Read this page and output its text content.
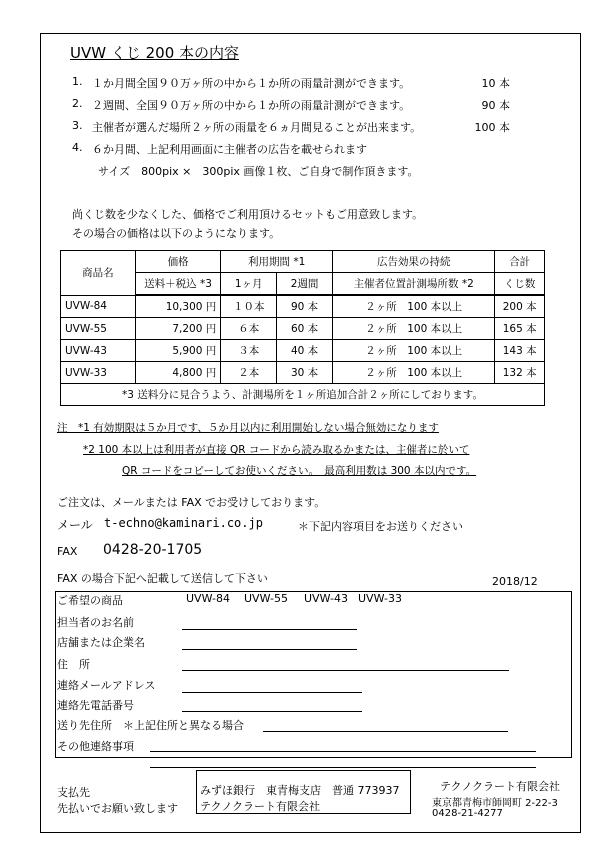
UVW くじ 200 本の内容
1. １か月間全国９０万ヶ所の中から１か所の雨量計測ができます。	10 本
2. ２週間、全国９０万ヶ所の中から１か所の雨量計測ができます。	90 本
3. 主催者が選んだ場所２ヶ所の雨量を６ヵ月間見ることが出来ます。	100 本
4. ６か月間、上記利用画面に主催者の広告を載せられます
サイズ　800pix ×　300pix 画像１枚、ご自身で制作頂きます。
尚くじ数を少なくした、価格でご利用頂けるセットもご用意致します。
その場合の価格は以下のようになります。
商品名	価格	利用期間 *1		広告効果の持続	合計
	送料＋税込 *3	1ヶ月	2週間	主催者位置計測場所数 *2	くじ数
UVW-84	10,300 円	１０本	90 本	２ヶ所　100 本以上	200 本
UVW-55	7,200 円	６本	60 本	２ヶ所　100 本以上	165 本
UVW-43	5,900 円	３本	40 本	２ヶ所　100 本以上	143 本
UVW-33	4,800 円	２本	30 本	２ヶ所　100 本以上	132 本
*3 送料分に見合うよう、計測場所を１ヶ所追加合計２ヶ所にしております。					
注　*1 有効期限は５か月です、５か月以内に利用開始しない場合無効になります
*2 100 本以上は利用者が直接 QR コードから読み取るかまたは、主催者に於いて
QR コードをコピーしてお使いください。　最高利用数は 300 本以内です。
ご注文は、メールまたは FAX でお受けしております。
メール t-echno@kaminari.co.jp	＊下記内容項目をお送りください
FAX 0428-20-1705
FAX の場合下記へ記載して送信して下さい	2018/12
ご希望の商品	UVW-84 UVW-55 UVW-43 UVW-33
担当者のお名前
店舗または企業名
住　所
連絡メールアドレス
連絡先電話番号
送り先住所　＊上記住所と異なる場合
その他連絡事項
支払先
先払いでお願い致します
みずほ銀行　東青梅支店　普通 773937
テクノクラート有限会社
テクノクラート有限会社
東京都青梅市師岡町 2-22-3
0428-21-4277
